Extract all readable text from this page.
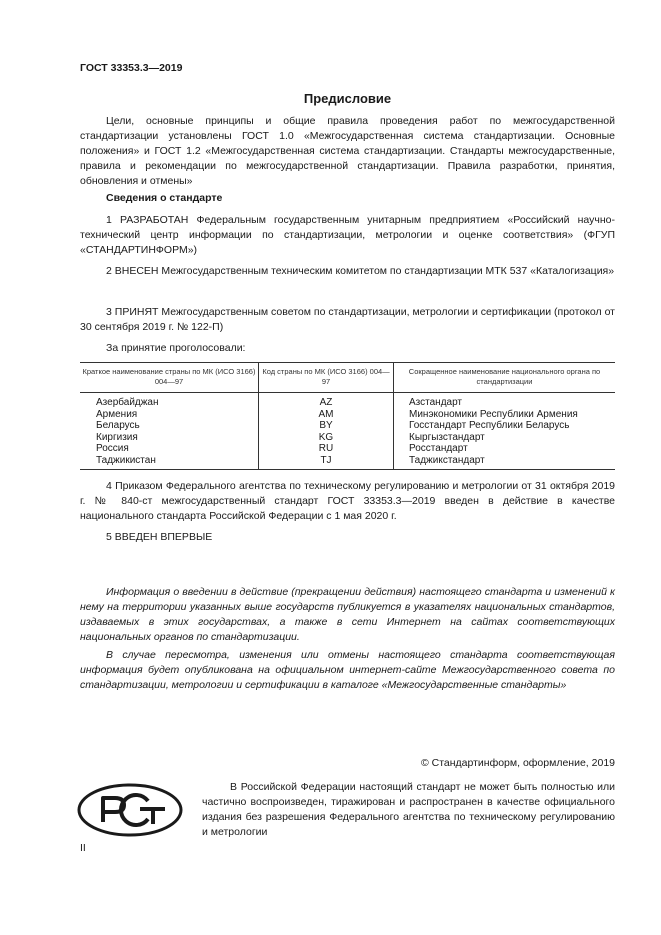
ГОСТ 33353.3—2019
Предисловие
Цели, основные принципы и общие правила проведения работ по межгосударственной стандартизации установлены ГОСТ 1.0 «Межгосударственная система стандартизации. Основные положения» и ГОСТ 1.2 «Межгосударственная система стандартизации. Стандарты межгосударственные, правила и рекомендации по межгосударственной стандартизации. Правила разработки, принятия, обновления и отмены»
Сведения о стандарте
1 РАЗРАБОТАН Федеральным государственным унитарным предприятием «Российский научно-технический центр информации по стандартизации, метрологии и оценке соответствия» (ФГУП «СТАНДАРТИНФОРМ»)
2 ВНЕСЕН Межгосударственным техническим комитетом по стандартизации МТК 537 «Каталогизация»
3 ПРИНЯТ Межгосударственным советом по стандартизации, метрологии и сертификации (протокол от 30 сентября 2019 г. № 122-П)
За принятие проголосовали:
Краткое наименование страны по МК (ИСО 3166) 004—97	Код страны по МК (ИСО 3166) 004—97	Сокращенное наименование национального органа по стандартизации
Азербайджан	AZ	Азстандарт
Армения	AM	Минэкономики Республики Армения
Беларусь	BY	Госстандарт Республики Беларусь
Киргизия	KG	Кыргызстандарт
Россия	RU	Росстандарт
Таджикистан	TJ	Таджикстандарт
4 Приказом Федерального агентства по техническому регулированию и метрологии от 31 октября 2019 г. № 840-ст межгосударственный стандарт ГОСТ 33353.3—2019 введен в действие в качестве национального стандарта Российской Федерации с 1 мая 2020 г.
5 ВВЕДЕН ВПЕРВЫЕ
Информация о введении в действие (прекращении действия) настоящего стандарта и изменений к нему на территории указанных выше государств публикуется в указателях национальных стандартов, издаваемых в этих государствах, а также в сети Интернет на сайтах соответствующих национальных органов по стандартизации.
В случае пересмотра, изменения или отмены настоящего стандарта соответствующая информация будет опубликована на официальном интернет-сайте Межгосударственного совета по стандартизации, метрологии и сертификации в каталоге «Межгосударственные стандарты»
© Стандартинформ, оформление, 2019
В Российской Федерации настоящий стандарт не может быть полностью или частично воспроизведен, тиражирован и распространен в качестве официального издания без разрешения Федерального агентства по техническому регулированию и метрологии
II
